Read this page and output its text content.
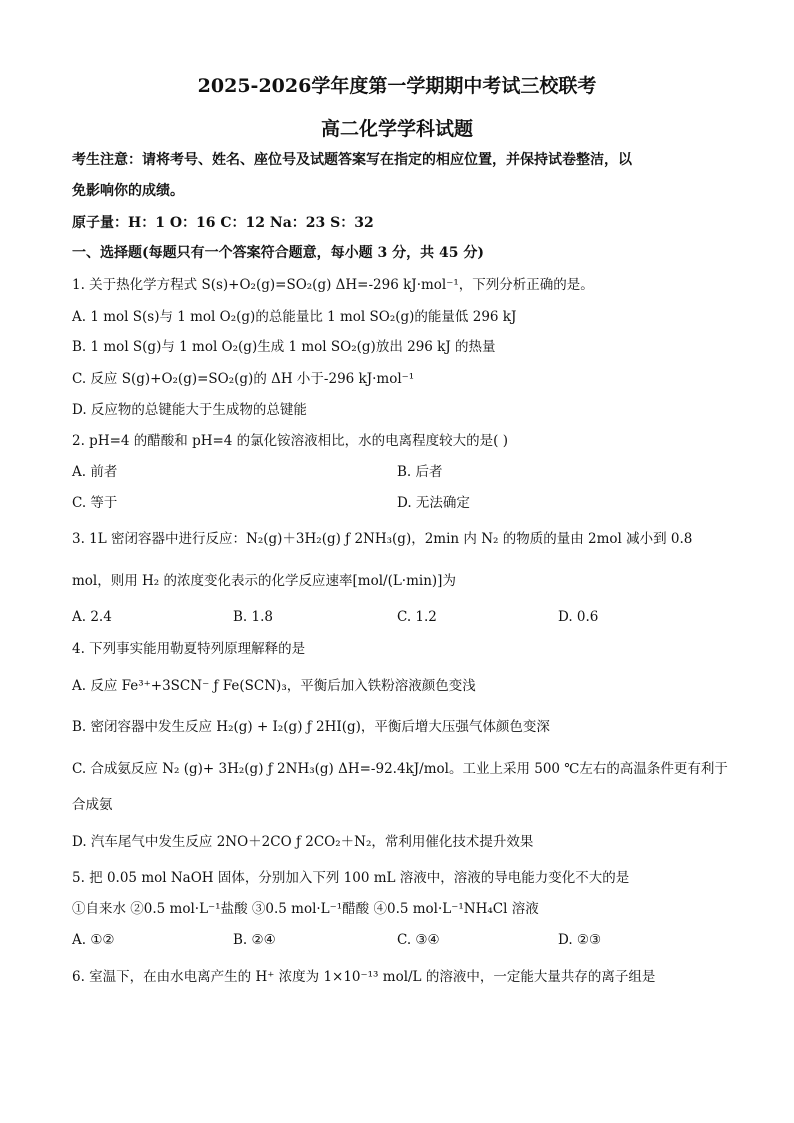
2025-2026学年度第一学期期中考试三校联考
高二化学学科试题
考生注意：请将考号、姓名、座位号及试题答案写在指定的相应位置，并保持试卷整洁，以
免影响你的成绩。
原子量：H：1 O：16 C：12 Na：23 S：32
一、选择题(每题只有一个答案符合题意，每小题 3 分，共 45 分)
1. 关于热化学方程式 S(s)+O₂(g)=SO₂(g) ΔH=-296 kJ·mol⁻¹，下列分析正确的是。
A. 1 mol S(s)与 1 mol O₂(g)的总能量比 1 mol SO₂(g)的能量低 296 kJ
B. 1 mol S(g)与 1 mol O₂(g)生成 1 mol SO₂(g)放出 296 kJ 的热量
C. 反应 S(g)+O₂(g)=SO₂(g)的 ΔH 小于-296 kJ·mol⁻¹
D. 反应物的总键能大于生成物的总键能
2. pH=4 的醋酸和 pH=4 的氯化铵溶液相比，水的电离程度较大的是( )
A. 前者	B. 后者
C. 等于	D. 无法确定
3. 1L 密闭容器中进行反应：N₂(g)＋3H₂(g) ƒ 2NH₃(g)，2min 内 N₂ 的物质的量由 2mol 减小到 0.8
mol，则用 H₂ 的浓度变化表示的化学反应速率[mol/(L·min)]为
A. 2.4	B. 1.8	C. 1.2	D. 0.6
4. 下列事实能用勒夏特列原理解释的是
A. 反应 Fe³⁺+3SCN⁻ ƒ Fe(SCN)₃，平衡后加入铁粉溶液颜色变浅
B. 密闭容器中发生反应 H₂(g) + I₂(g) ƒ 2HI(g)，平衡后增大压强气体颜色变深
C. 合成氨反应 N₂ (g)+ 3H₂(g) ƒ 2NH₃(g) ΔH=-92.4kJ/mol。工业上采用 500 ℃左右的高温条件更有利于
合成氨
D. 汽车尾气中发生反应 2NO＋2CO ƒ 2CO₂＋N₂，常利用催化技术提升效果
5. 把 0.05 mol NaOH 固体，分别加入下列 100 mL 溶液中，溶液的导电能力变化不大的是
①自来水 ②0.5 mol·L⁻¹盐酸 ③0.5 mol·L⁻¹醋酸 ④0.5 mol·L⁻¹NH₄Cl 溶液
A. ①②	B. ②④	C. ③④	D. ②③
6. 室温下，在由水电离产生的 H⁺ 浓度为 1×10⁻¹³ mol/L 的溶液中，一定能大量共存的离子组是
